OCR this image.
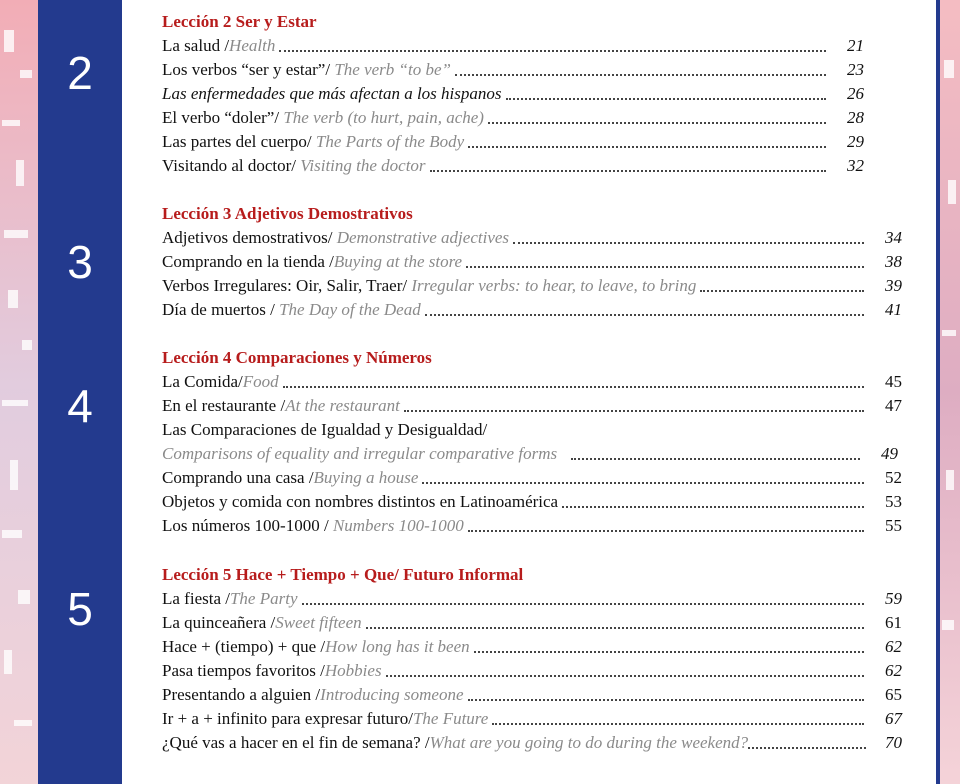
2
3
4
5
Lección 2 Ser y Estar
La salud /Health	21
Los verbos “ser y estar”/ The verb “to be”	23
Las enfermedades que más afectan a los hispanos	26
El verbo “doler”/ The verb (to hurt, pain, ache)	28
Las partes del cuerpo/ The Parts of the Body	29
Visitando al doctor/ Visiting the doctor	32
Lección 3 Adjetivos Demostrativos
Adjetivos demostrativos/ Demonstrative adjectives	34
Comprando en la tienda /Buying at the store	38
Verbos Irregulares: Oir, Salir, Traer/ Irregular verbs: to hear, to leave, to bring	39
Día de muertos / The Day of the Dead	41
Lección 4 Comparaciones y Números
La Comida/Food	45
En el restaurante /At the restaurant	47
Las Comparaciones de Igualdad y Desigualdad/
Comparisons of equality and irregular comparative forms	49
Comprando una casa /Buying a house	52
Objetos y comida con nombres distintos en Latinoamérica	53
Los números 100-1000 / Numbers 100-1000	55
Lección 5 Hace + Tiempo + Que/ Futuro Informal
La fiesta /The Party	59
La quinceañera /Sweet fifteen	61
Hace + (tiempo) + que /How long has it been	62
Pasa tiempos favoritos /Hobbies	62
Presentando a alguien /Introducing someone	65
Ir + a + infinito para expresar futuro/The Future	67
¿Qué vas a hacer en el fin de semana? /What are you going to do during the weekend?	70
